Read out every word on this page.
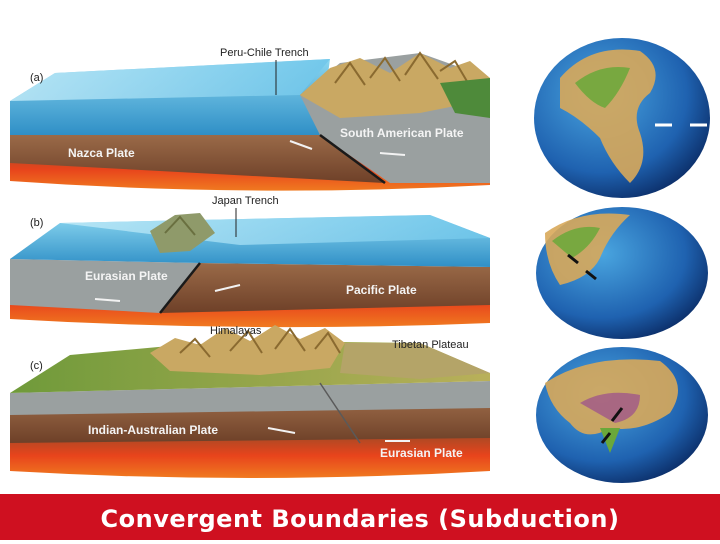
(a)
Peru-Chile Trench
Nazca Plate
South American Plate
(b)
Japan Trench
Eurasian Plate
Pacific Plate
(c)
Himalayas
Tibetan Plateau
Indian-Australian Plate
Eurasian Plate
Convergent Boundaries (Subduction)
